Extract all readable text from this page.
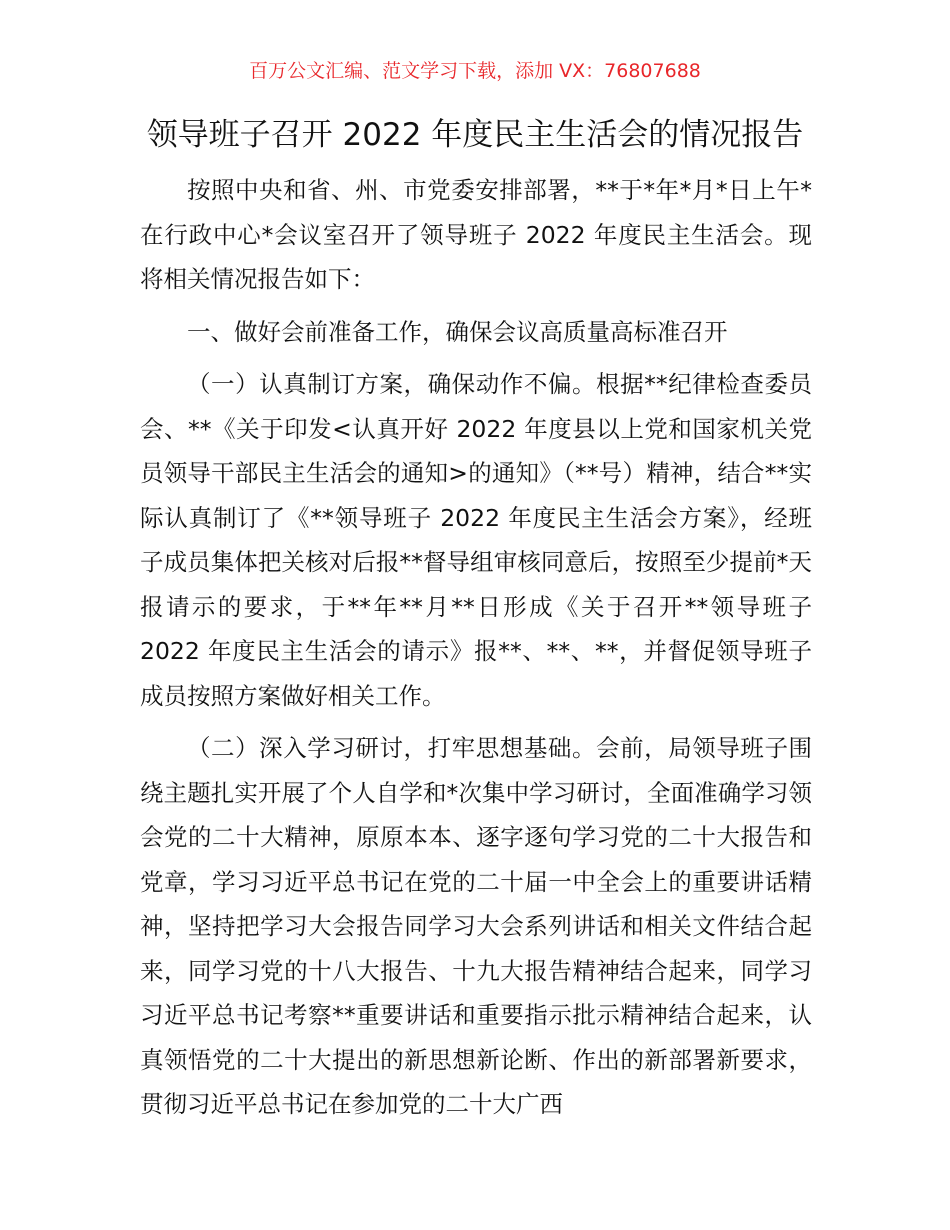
百万公文汇编、范文学习下载，添加 VX：76807688
领导班子召开 2022 年度民主生活会的情况报告

按照中央和省、州、市党委安排部署，**于*年*月*日上午*在行政中心*会议室召开了领导班子 2022 年度民主生活会。现将相关情况报告如下：

一、做好会前准备工作，确保会议高质量高标准召开

（一）认真制订方案，确保动作不偏。根据**纪律检查委员会、**《关于印发<认真开好 2022 年度县以上党和国家机关党员领导干部民主生活会的通知>的通知》（**号）精神，结合**实际认真制订了《**领导班子 2022 年度民主生活会方案》，经班子成员集体把关核对后报**督导组审核同意后，按照至少提前*天报请示的要求，于**年**月**日形成《关于召开**领导班子 2022 年度民主生活会的请示》报**、**、**，并督促领导班子成员按照方案做好相关工作。

（二）深入学习研讨，打牢思想基础。会前，局领导班子围绕主题扎实开展了个人自学和*次集中学习研讨，全面准确学习领会党的二十大精神，原原本本、逐字逐句学习党的二十大报告和党章，学习习近平总书记在党的二十届一中全会上的重要讲话精神，坚持把学习大会报告同学习大会系列讲话和相关文件结合起来，同学习党的十八大报告、十九大报告精神结合起来，同学习习近平总书记考察**重要讲话和重要指示批示精神结合起来，认真领悟党的二十大提出的新思想新论断、作出的新部署新要求，贯彻习近平总书记在参加党的二十大广西
